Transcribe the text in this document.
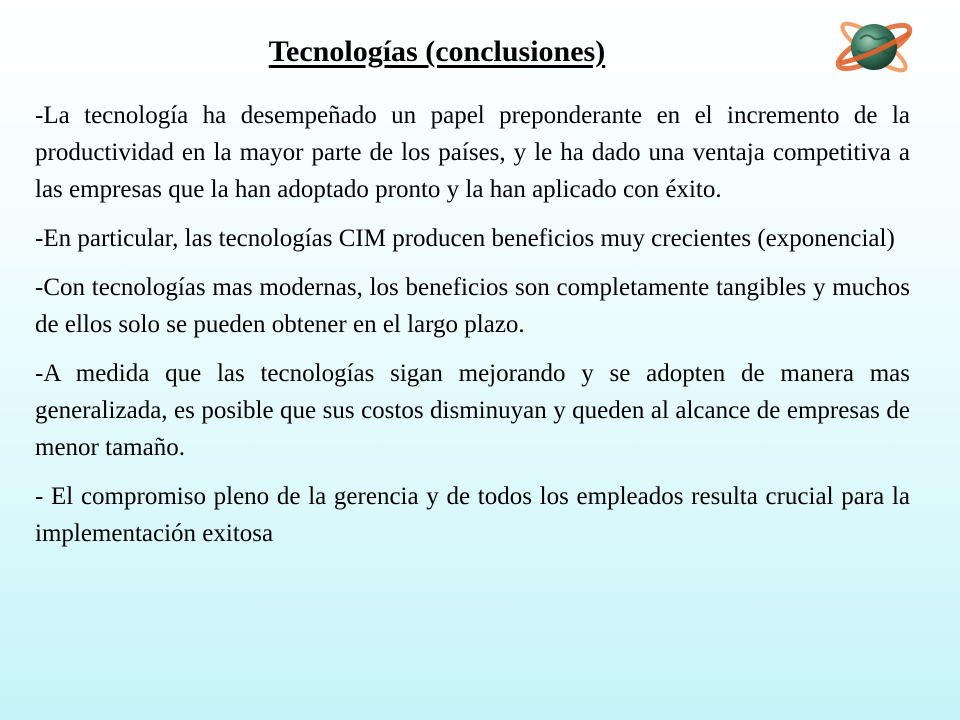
Tecnologías (conclusiones)

-La tecnología ha desempeñado un papel preponderante en el incremento de la productividad en la mayor parte de los países, y le ha dado una ventaja competitiva a las empresas que la han adoptado pronto y la han aplicado con éxito.

-En particular, las tecnologías CIM producen beneficios muy crecientes (exponencial)

-Con tecnologías mas modernas, los beneficios son completamente tangibles y muchos de ellos solo se pueden obtener en el largo plazo.

-A medida que las tecnologías sigan mejorando y se adopten de manera mas generalizada, es posible que sus costos disminuyan y queden al alcance de empresas de menor tamaño.

- El compromiso pleno de la gerencia y de todos los empleados resulta crucial para la implementación exitosa
